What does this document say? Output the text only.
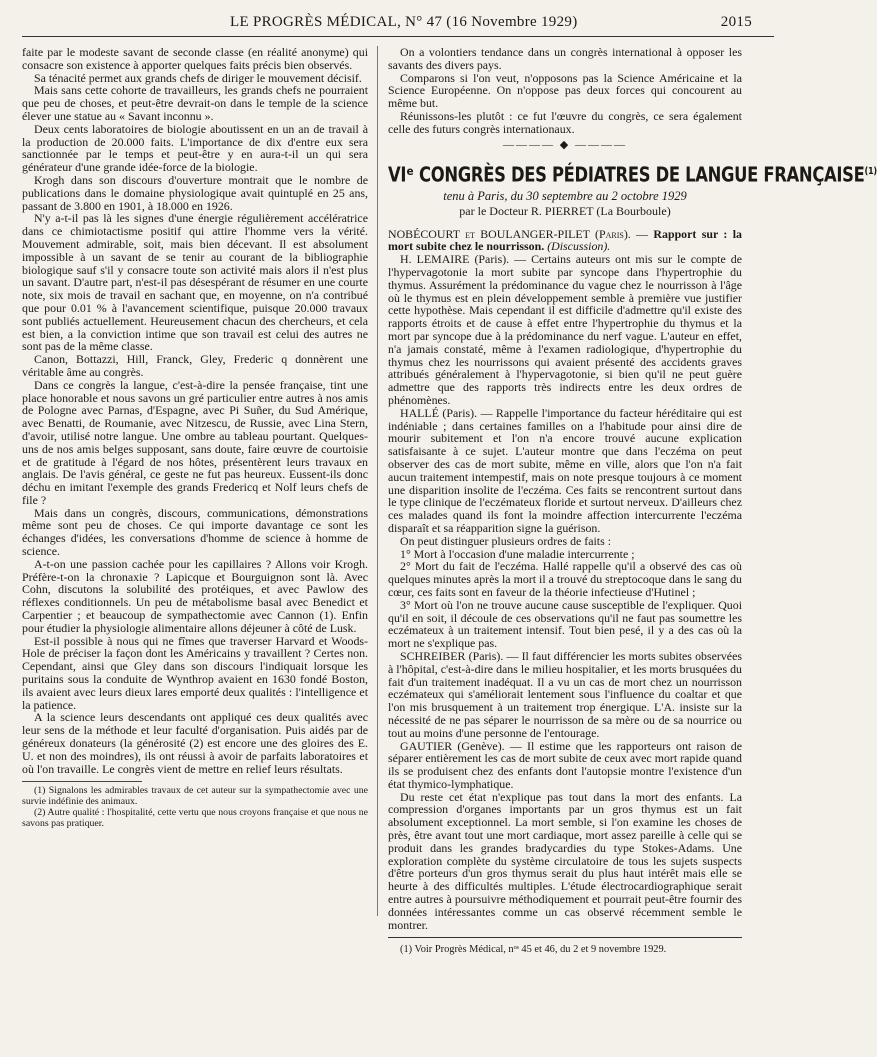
LE PROGRÈS MÉDICAL, N° 47 (16 Novembre 1929)	2015

faite par le modeste savant de seconde classe (en réalité anonyme) qui consacre son existence à apporter quelques faits précis bien observés.

Sa ténacité permet aux grands chefs de diriger le mouvement décisif.

Mais sans cette cohorte de travailleurs, les grands chefs ne pourraient que peu de choses, et peut-être devrait-on dans le temple de la science élever une statue au « Savant inconnu ».

Deux cents laboratoires de biologie aboutissent en un an de travail à la production de 20.000 faits. L'importance de dix d'entre eux sera sanctionnée par le temps et peut-être y en aura-t-il un qui sera générateur d'une grande idée-force de la biologie.

Krogh dans son discours d'ouverture montrait que le nombre de publications dans le domaine physiologique avait quintuplé en 25 ans, passant de 3.800 en 1901, à 18.000 en 1926.

N'y a-t-il pas là les signes d'une énergie régulièrement accélératrice dans ce chimiotactisme positif qui attire l'homme vers la vérité. Mouvement admirable, soit, mais bien décevant. Il est absolument impossible à un savant de se tenir au courant de la bibliographie biologique sauf s'il y consacre toute son activité mais alors il n'est plus un savant. D'autre part, n'est-il pas désespérant de résumer en une courte note, six mois de travail en sachant que, en moyenne, on n'a contribué que pour 0.01 % à l'avancement scientifique, puisque 20.000 travaux sont publiés actuellement. Heureusement chacun des chercheurs, et cela est bien, a la conviction intime que son travail est celui des autres ne sont pas de la même classe.

Canon, Bottazzi, Hill, Franck, Gley, Frederic q donnèrent une véritable âme au congrès.

Dans ce congrès la langue, c'est-à-dire la pensée française, tint une place honorable et nous savons un gré particulier entre autres à nos amis de Pologne avec Parnas, d'Espagne, avec Pi Suñer, du Sud Amérique, avec Benatti, de Roumanie, avec Nitzescu, de Russie, avec Lina Stern, d'avoir, utilisé notre langue. Une ombre au tableau pourtant. Quelques-uns de nos amis belges supposant, sans doute, faire œuvre de courtoisie et de gratitude à l'égard de nos hôtes, présentèrent leurs travaux en anglais. De l'avis général, ce geste ne fut pas heureux. Eussent-ils donc déchu en imitant l'exemple des grands Fredericq et Nolf leurs chefs de file ?

Mais dans un congrès, discours, communications, démonstrations même sont peu de choses. Ce qui importe davantage ce sont les échanges d'idées, les conversations d'homme de science à homme de science.

A-t-on une passion cachée pour les capillaires ? Allons voir Krogh. Préfère-t-on la chronaxie ? Lapicque et Bourguignon sont là. Avec Cohn, discutons la solubilité des protéiques, et avec Pawlow des réflexes conditionnels. Un peu de métabolisme basal avec Benedict et Carpentier ; et beaucoup de sympathectomie avec Cannon (1). Enfin pour étudier la physiologie alimentaire allons déjeuner à côté de Lusk.

Est-il possible à nous qui ne fîmes que traverser Harvard et Woods-Hole de préciser la façon dont les Américains y travaillent ? Certes non. Cependant, ainsi que Gley dans son discours l'indiquait lorsque les puritains sous la conduite de Wynthrop avaient en 1630 fondé Boston, ils avaient avec leurs dieux lares emporté deux qualités : l'intelligence et la patience.

A la science leurs descendants ont appliqué ces deux qualités avec leur sens de la méthode et leur faculté d'organisation. Puis aidés par de généreux donateurs (la générosité (2) est encore une des gloires des E. U. et non des moindres), ils ont réussi à avoir de parfaits laboratoires et où l'on travaille. Le congrès vient de mettre en relief leurs résultats.

(1) Signalons les admirables travaux de cet auteur sur la sympathectomie avec une survie indéfinie des animaux.

(2) Autre qualité : l'hospitalité, cette vertu que nous croyons française et que nous ne savons pas pratiquer.

On a volontiers tendance dans un congrès international à opposer les savants des divers pays.

Comparons si l'on veut, n'opposons pas la Science Américaine et la Science Européenne. On n'oppose pas deux forces qui concourent au même but.

Réunissons-les plutôt : ce fut l'œuvre du congrès, ce sera également celle des futurs congrès internationaux.

———— ◆ ————
VIᵉ CONGRÈS DES PÉDIATRES DE LANGUE FRANÇAISE$^{(1)}$
tenu à Paris, du 30 septembre au 2 octobre 1929
par le Docteur R. PIERRET (La Bourboule)

NOBÉCOURT et BOULANGER-PILET (Paris). — Rapport sur : la mort subite chez le nourrisson. (Discussion).

H. LEMAIRE (Paris). — Certains auteurs ont mis sur le compte de l'hypervagotonie la mort subite par syncope dans l'hypertrophie du thymus. Assurément la prédominance du vague chez le nourrisson à l'âge où le thymus est en plein développement semble à première vue justifier cette hypothèse. Mais cependant il est difficile d'admettre qu'il existe des rapports étroits et de cause à effet entre l'hypertrophie du thymus et la mort par syncope due à la prédominance du nerf vague. L'auteur en effet, n'a jamais constaté, même à l'examen radiologique, d'hypertrophie du thymus chez les nourrissons qui avaient présenté des accidents graves attribués généralement à l'hypervagotonie, si bien qu'il ne peut guère admettre que des rapports très indirects entre les deux ordres de phénomènes.

HALLÉ (Paris). — Rappelle l'importance du facteur héréditaire qui est indéniable ; dans certaines familles on a l'habitude pour ainsi dire de mourir subitement et l'on n'a encore trouvé aucune explication satisfaisante à ce sujet. L'auteur montre que dans l'eczéma on peut observer des cas de mort subite, même en ville, alors que l'on n'a fait aucun traitement intempestif, mais on note presque toujours à ce moment une disparition insolite de l'eczéma. Ces faits se rencontrent surtout dans le type clinique de l'eczémateux floride et surtout nerveux. D'ailleurs chez ces malades quand ils font la moindre affection intercurrente l'eczéma disparaît et sa réapparition signe la guérison.

On peut distinguer plusieurs ordres de faits :

1° Mort à l'occasion d'une maladie intercurrente ;

2° Mort du fait de l'eczéma. Hallé rappelle qu'il a observé des cas où quelques minutes après la mort il a trouvé du streptocoque dans le sang du cœur, ces faits sont en faveur de la théorie infectieuse d'Hutinel ;

3° Mort où l'on ne trouve aucune cause susceptible de l'expliquer. Quoi qu'il en soit, il découle de ces observations qu'il ne faut pas soumettre les eczémateux à un traitement intensif. Tout bien pesé, il y a des cas où la mort ne s'explique pas.

SCHREIBER (Paris). — Il faut différencier les morts subites observées à l'hôpital, c'est-à-dire dans le milieu hospitalier, et les morts brusquées du fait d'un traitement inadéquat. Il a vu un cas de mort chez un nourrisson eczémateux qui s'améliorait lentement sous l'influence du coaltar et que l'on mis brusquement à un traitement trop énergique. L'A. insiste sur la nécessité de ne pas séparer le nourrisson de sa mère ou de sa nourrice ou tout au moins d'une personne de l'entourage.

GAUTIER (Genève). — Il estime que les rapporteurs ont raison de séparer entièrement les cas de mort subite de ceux avec mort rapide quand ils se produisent chez des enfants dont l'autopsie montre l'existence d'un état thymico-lymphatique.

Du reste cet état n'explique pas tout dans la mort des enfants. La compression d'organes importants par un gros thymus est un fait absolument exceptionnel. La mort semble, si l'on examine les choses de près, être avant tout une mort cardiaque, mort assez pareille à celle qui se produit dans les grandes bradycardies du type Stokes-Adams. Une exploration complète du système circulatoire de tous les sujets suspects d'être porteurs d'un gros thymus serait du plus haut intérêt mais elle se heurte à des difficultés multiples. L'étude électrocardiographique serait entre autres à poursuivre méthodiquement et pourrait peut-être fournir des données intéressantes comme un cas observé récemment semble le montrer.

(1) Voir Progrès Médical, nᵒˢ 45 et 46, du 2 et 9 novembre 1929.
